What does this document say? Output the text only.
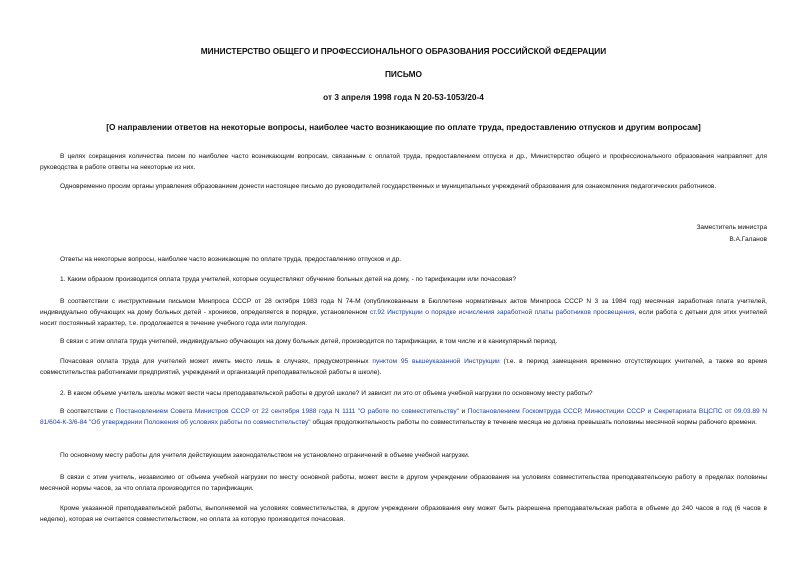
МИНИСТЕРСТВО ОБЩЕГО И ПРОФЕССИОНАЛЬНОГО ОБРАЗОВАНИЯ РОССИЙСКОЙ ФЕДЕРАЦИИ
ПИСЬМО
от 3 апреля 1998 года N 20-53-1053/20-4
[О направлении ответов на некоторые вопросы, наиболее часто возникающие по оплате труда, предоставлению отпусков и другим вопросам]
В целях сокращения количества писем по наиболее часто возникающим вопросам, связанным с оплатой труда, предоставлением отпуска и др., Министерство общего и профессионального образования направляет для руководства в работе ответы на некоторые из них.
Одновременно просим органы управления образованием донести настоящее письмо до руководителей государственных и муниципальных учреждений образования для ознакомления педагогических работников.
Заместитель министра
В.А.Галанов
Ответы на некоторые вопросы, наиболее часто возникающие по оплате труда, предоставлению отпусков и др.
1. Каким образом производится оплата труда учителей, которые осуществляют обучение больных детей на дому, - по тарификации или почасовая?
В соответствии с инструктивным письмом Минпроса СССР от 28 октября 1983 года N 74-М (опубликованным в Бюллетене нормативных актов Минпроса СССР N 3 за 1984 год) месячная заработная плата учителей, индивидуально обучающих на дому больных детей - хроников, определяется в порядке, установленном ст.92 Инструкции о порядке исчисления заработной платы работников просвещения, если работа с детьми для этих учителей носит постоянный характер, т.е. продолжается в течение учебного года или полугодия.
В связи с этим оплата труда учителей, индивидуально обучающих на дому больных детей, производится по тарификации, в том числе и в каникулярный период.
Почасовая оплата труда для учителей может иметь место лишь в случаях, предусмотренных пунктом 95 вышеуказанной Инструкции (т.е. в период замещения временно отсутствующих учителей, а также во время совместительства работниками предприятий, учреждений и организаций преподавательской работы в школе).
2. В каком объеме учитель школы может вести часы преподавательской работы в другой школе? И зависит ли это от объема учебной нагрузки по основному месту работы?
В соответствии с Постановлением Совета Министров СССР от 22 сентября 1988 года N 1111 "О работе по совместительству" и Постановлением Госкомтруда СССР, Минюстиции СССР и Секретариата ВЦСПС от 09.03.89 N 81/604-К-3/6-84 "Об утверждении Положения об условиях работы по совместительству" общая продолжительность работы по совместительству в течение месяца не должна превышать половины месячной нормы рабочего времени.
По основному месту работы для учителя действующим законодательством не установлено ограничений в объеме учебной нагрузки.
В связи с этим учитель, независимо от объема учебной нагрузки по месту основной работы, может вести в другом учреждении образования на условиях совместительства преподавательскую работу в пределах половины месячной нормы часов, за что оплата производится по тарификации.
Кроме указанной преподавательской работы, выполняемой на условиях совместительства, в другом учреждении образования ему может быть разрешена преподавательская работа в объеме до 240 часов в год (6 часов в неделю), которая не считается совместительством, но оплата за которую производится почасовая.
